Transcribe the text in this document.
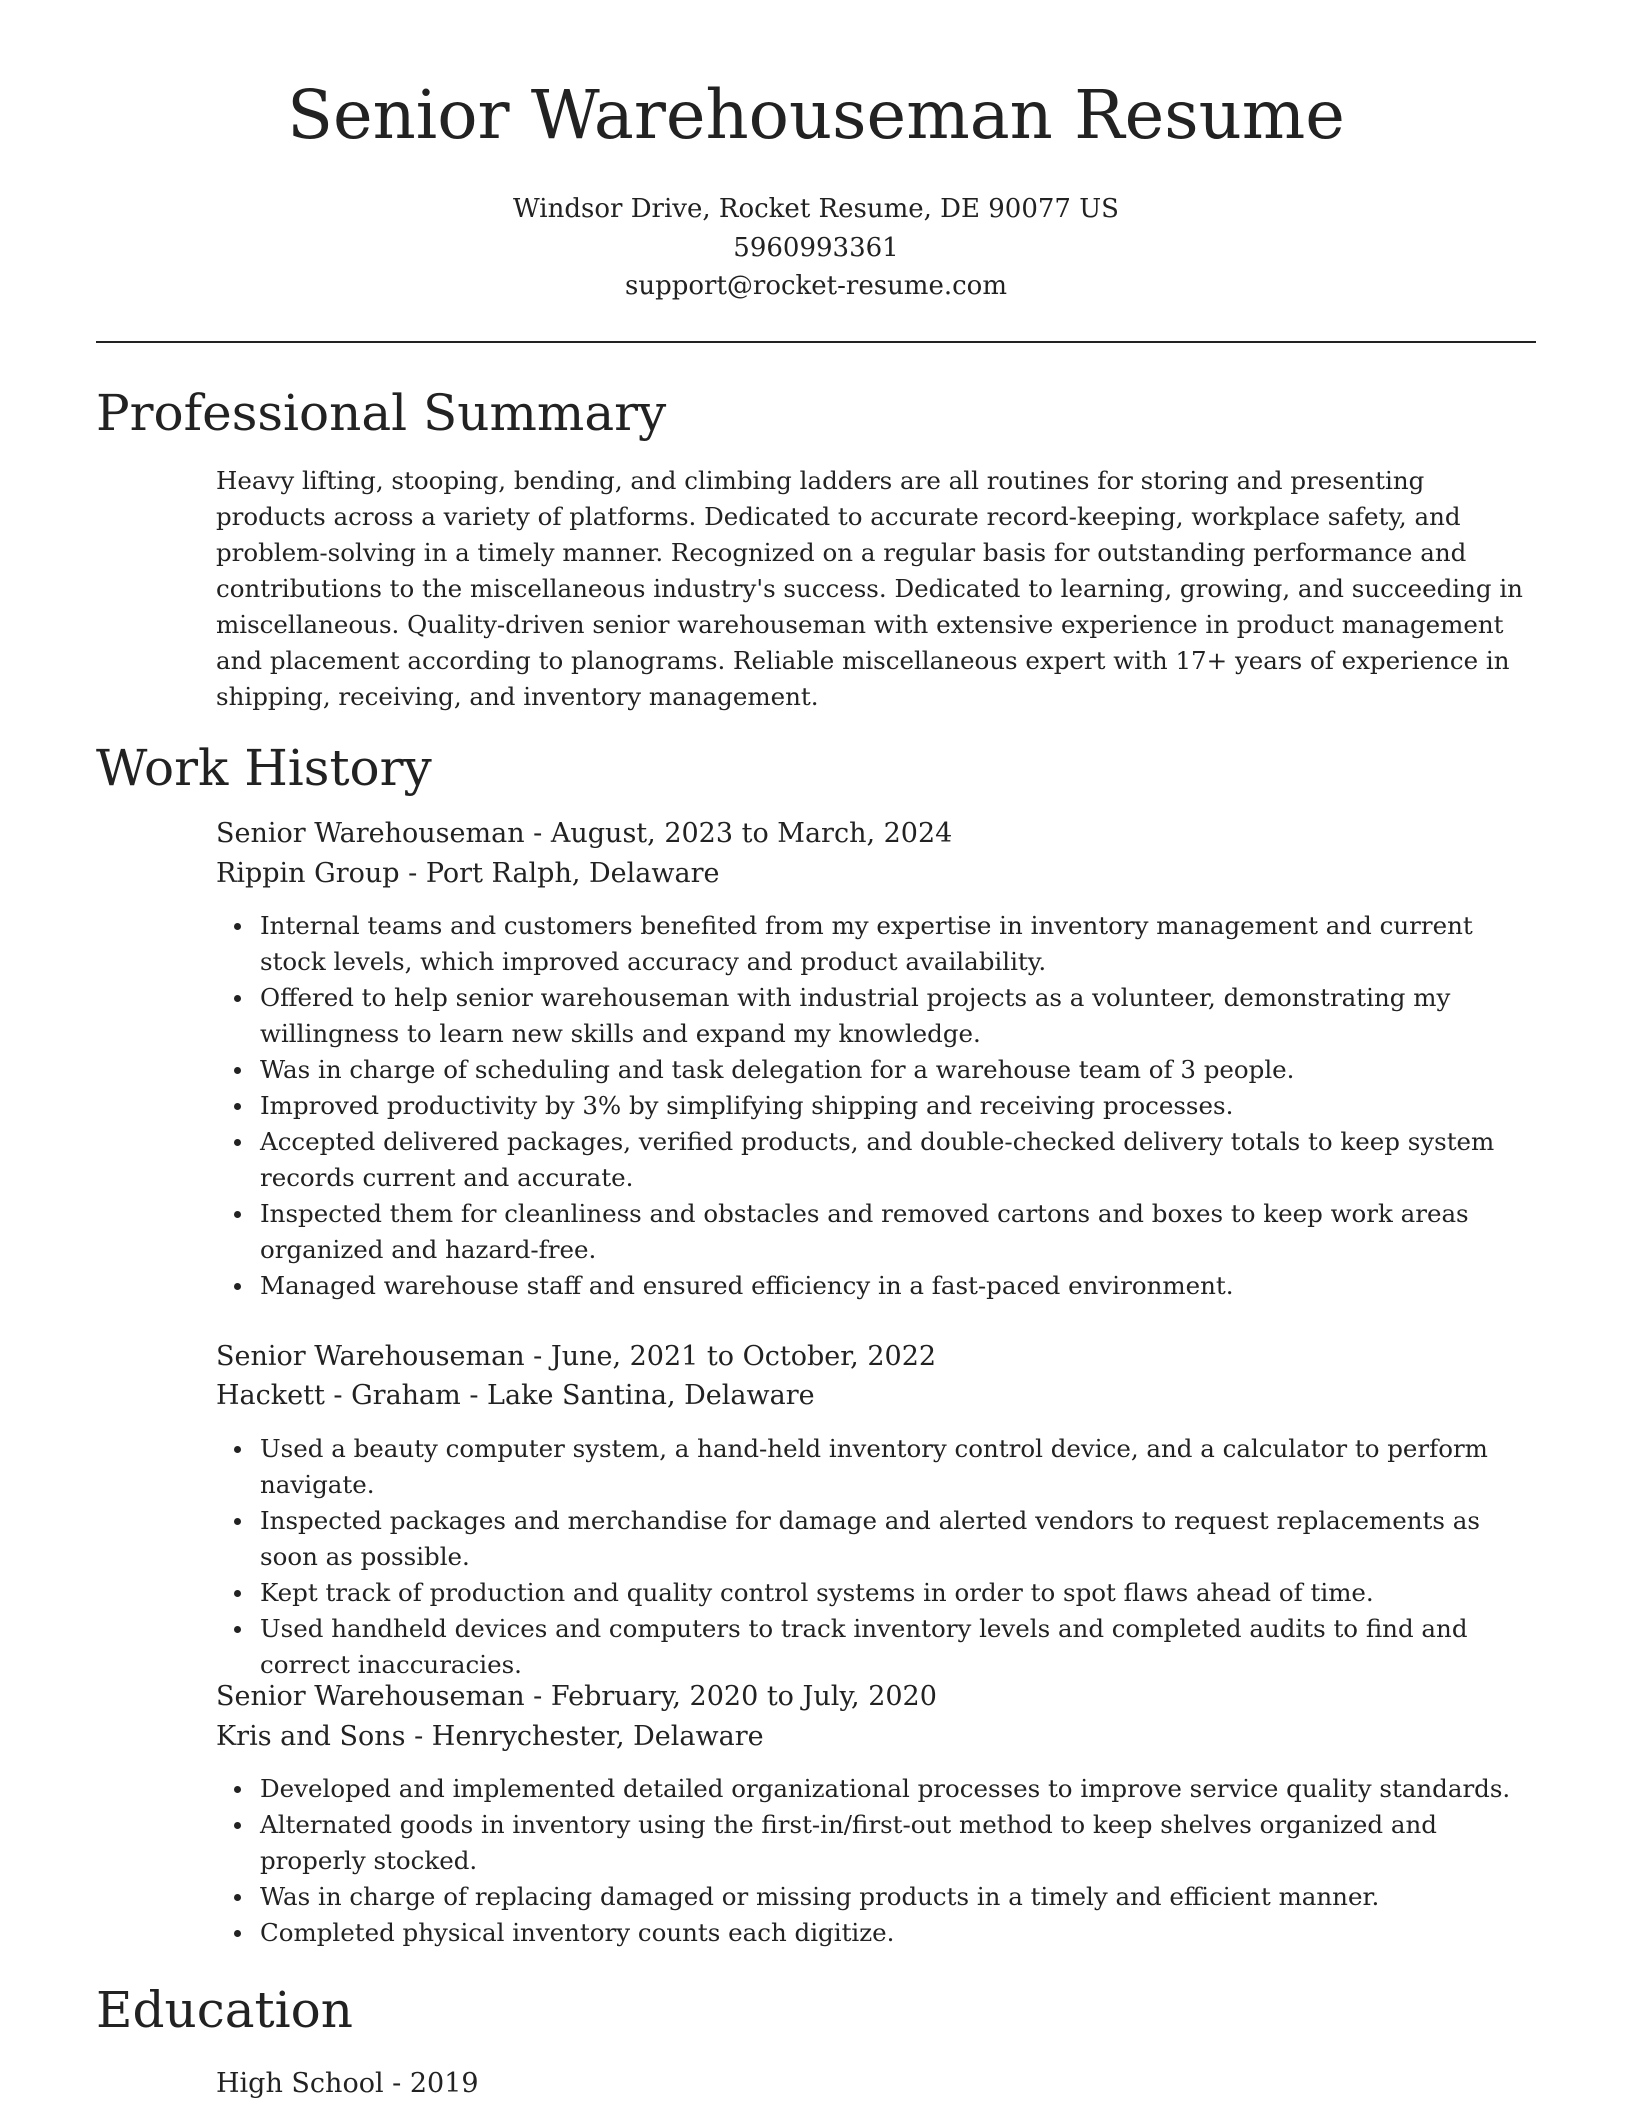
Senior Warehouseman Resume
Windsor Drive, Rocket Resume, DE 90077 US
5960993361
support@rocket-resume.com
Professional Summary

Heavy lifting, stooping, bending, and climbing ladders are all routines for storing and presenting products across a variety of platforms. Dedicated to accurate record-keeping, workplace safety, and problem-solving in a timely manner. Recognized on a regular basis for outstanding performance and contributions to the miscellaneous industry's success. Dedicated to learning, growing, and succeeding in miscellaneous. Quality-driven senior warehouseman with extensive experience in product management and placement according to planograms. Reliable miscellaneous expert with 17+ years of experience in shipping, receiving, and inventory management.

Work History
Senior Warehouseman - August, 2023 to March, 2024
Rippin Group - Port Ralph, Delaware
Internal teams and customers benefited from my expertise in inventory management and current stock levels, which improved accuracy and product availability.
Offered to help senior warehouseman with industrial projects as a volunteer, demonstrating my willingness to learn new skills and expand my knowledge.
Was in charge of scheduling and task delegation for a warehouse team of 3 people.
Improved productivity by 3% by simplifying shipping and receiving processes.
Accepted delivered packages, verified products, and double-checked delivery totals to keep system records current and accurate.
Inspected them for cleanliness and obstacles and removed cartons and boxes to keep work areas organized and hazard-free.
Managed warehouse staff and ensured efficiency in a fast-paced environment.
Senior Warehouseman - June, 2021 to October, 2022
Hackett - Graham - Lake Santina, Delaware
Used a beauty computer system, a hand-held inventory control device, and a calculator to perform navigate.
Inspected packages and merchandise for damage and alerted vendors to request replacements as soon as possible.
Kept track of production and quality control systems in order to spot flaws ahead of time.
Used handheld devices and computers to track inventory levels and completed audits to find and correct inaccuracies.
Senior Warehouseman - February, 2020 to July, 2020
Kris and Sons - Henrychester, Delaware
Developed and implemented detailed organizational processes to improve service quality standards.
Alternated goods in inventory using the first-in/first-out method to keep shelves organized and properly stocked.
Was in charge of replacing damaged or missing products in a timely and efficient manner.
Completed physical inventory counts each digitize.
Education
High School - 2019
